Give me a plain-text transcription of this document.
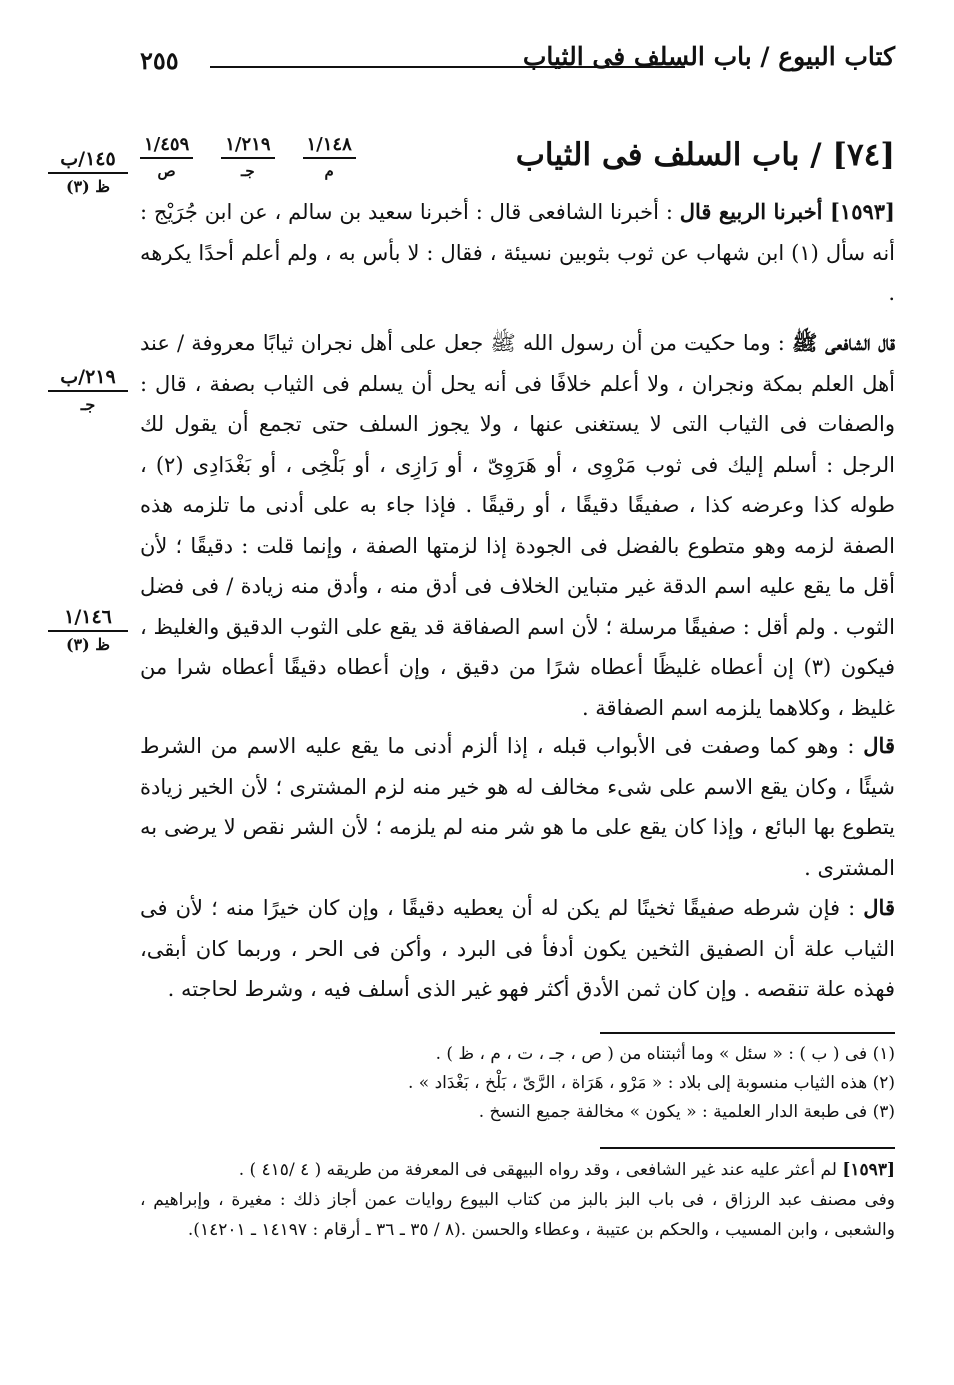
كتاب البيوع / باب السلف فى الثياب
٢٥٥
[٧٤] / باب السلف فى الثياب
١/١٤٨
م
١/٢١٩
جـ
١/٤٥٩
ص
١٤٥/ب
ظ (٣)
٢١٩/ب
جـ
١/١٤٦
ظ (٣)

[١٥٩٣] أخبرنا الربيع قال : أخبرنا الشافعى قال : أخبرنا سعيد بن سالم ، عن ابن جُرَيْج : أنه سأل (١) ابن شهاب عن ثوب بثوبين نسيئة ، فقال : لا بأس به ، ولم أعلم أحدًا يكرهه .

قال الشافعى ﷺ : وما حكيت من أن رسول الله ﷺ جعل على أهل نجران ثيابًا معروفة / عند أهل العلم بمكة ونجران ، ولا أعلم خلافًا فى أنه يحل أن يسلم فى الثياب بصفة ، قال : والصفات فى الثياب التى لا يستغنى عنها ، ولا يجوز السلف حتى تجمع أن يقول لك الرجل : أسلم إليك فى ثوب مَرْوِى ، أو هَرَوِىّ ، أو رَازِى ، أو بَلْخِى ، أو بَغْدَادِى (٢) ، طوله كذا وعرضه كذا ، صفيقًا دقيقًا ، أو رقيقًا . فإذا جاء به على أدنى ما تلزمه هذه الصفة لزمه وهو متطوع بالفضل فى الجودة إذا لزمتها الصفة ، وإنما قلت : دقيقًا ؛ لأن أقل ما يقع عليه اسم الدقة غير متباين الخلاف فى أدق منه ، وأدق منه زيادة / فى فضل الثوب . ولم أقل : صفيقًا مرسلة ؛ لأن اسم الصفاقة قد يقع على الثوب الدقيق والغليظ ، فيكون (٣) إن أعطاه غليظًا أعطاه شرًا من دقيق ، وإن أعطاه دقيقًا أعطاه شرا من غليظ ، وكلاهما يلزمه اسم الصفاقة .

قال : وهو كما وصفت فى الأبواب قبله ، إذا ألزم أدنى ما يقع عليه الاسم من الشرط شيئًا ، وكان يقع الاسم على شىء مخالف له هو خير منه لزم المشترى ؛ لأن الخير زيادة يتطوع بها البائع ، وإذا كان يقع على ما هو شر منه لم يلزمه ؛ لأن الشر نقص لا يرضى به المشترى .

قال : فإن شرطه صفيقًا ثخينًا لم يكن له أن يعطيه دقيقًا ، وإن كان خيرًا منه ؛ لأن فى الثياب علة أن الصفيق الثخين يكون أدفأ فى البرد ، وأكن فى الحر ، وربما كان أبقى، فهذه علة تنقصه . وإن كان ثمن الأدق أكثر فهو غير الذى أسلف فيه ، وشرط لحاجته .

(١) فى ( ب ) : « سئل » وما أثبتناه من ( ص ، جـ ، ت ، م ، ظ ) .

(٢) هذه الثياب منسوبة إلى بلاد : « مَرْو ، هَرَاة ، الرَّىّ ، بَلْخ ، بَغْدَاد » .

(٣) فى طبعة الدار العلمية : « يكون » مخالفة جميع النسخ .

[١٥٩٣] لم أعثر عليه عند غير الشافعى ، وقد رواه البيهقى فى المعرفة من طريقه ( ٤ /٤١٥ ) .

وفى مصنف عبد الرزاق ، فى باب البز بالبز من كتاب البيوع روايات عمن أجاز ذلك : مغيرة ، وإبراهيم ، والشعبى ، وابن المسيب ، والحكم بن عتيبة ، وعطاء والحسن .(٨ / ٣٥ ـ ٣٦ ـ أرقام : ١٤١٩٧ ـ ١٤٢٠١).
